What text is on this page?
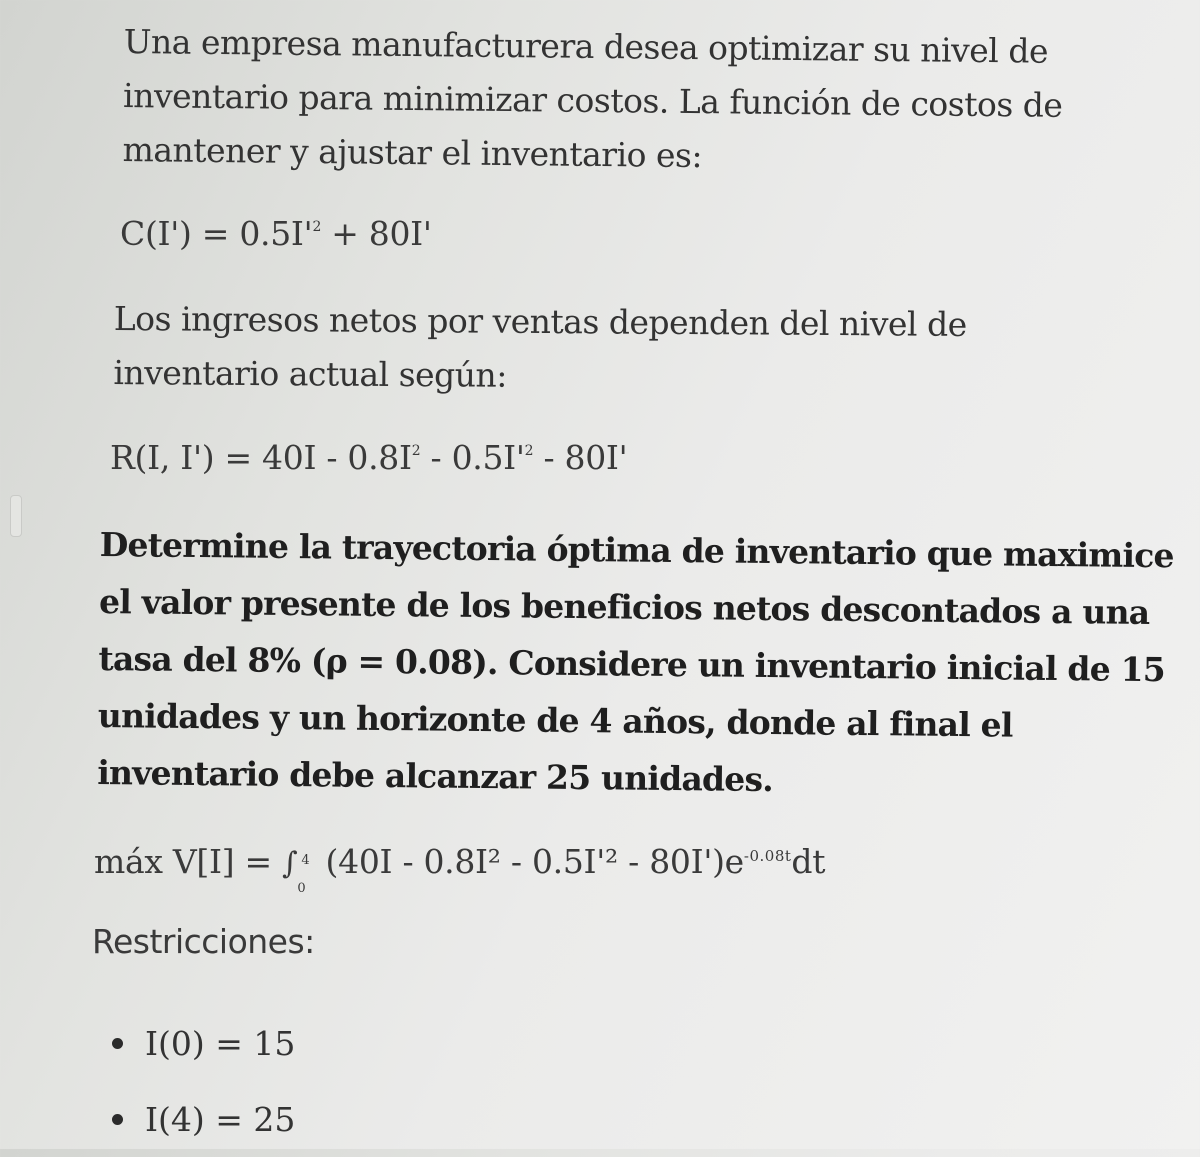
Una empresa manufacturera desea optimizar su nivel de inventario para minimizar costos. La función de costos de mantener y ajustar el inventario es:
$C(I') = 0.5I'^2 + 80I'$
Los ingresos netos por ventas dependen del nivel de inventario actual según:
R(I, $I') = 40I - 0.8I^2 - 0.5I'^2 - 80I'$
Determine la trayectoria óptima de inventario que maximice el valor presente de los beneficios netos descontados a una tasa del 8% (ρ = 0.08). Considere un inventario inicial de 15 unidades y un horizonte de 4 años, donde al final el inventario debe alcanzar 25 unidades.
máx V[I] = ∫ 4
0
$(40I - 0.8I^2 - 0.5I'^2 - 80I')e^{-0.08t}dt$
Restricciones:
I(0) = 15
I(4) = 25
